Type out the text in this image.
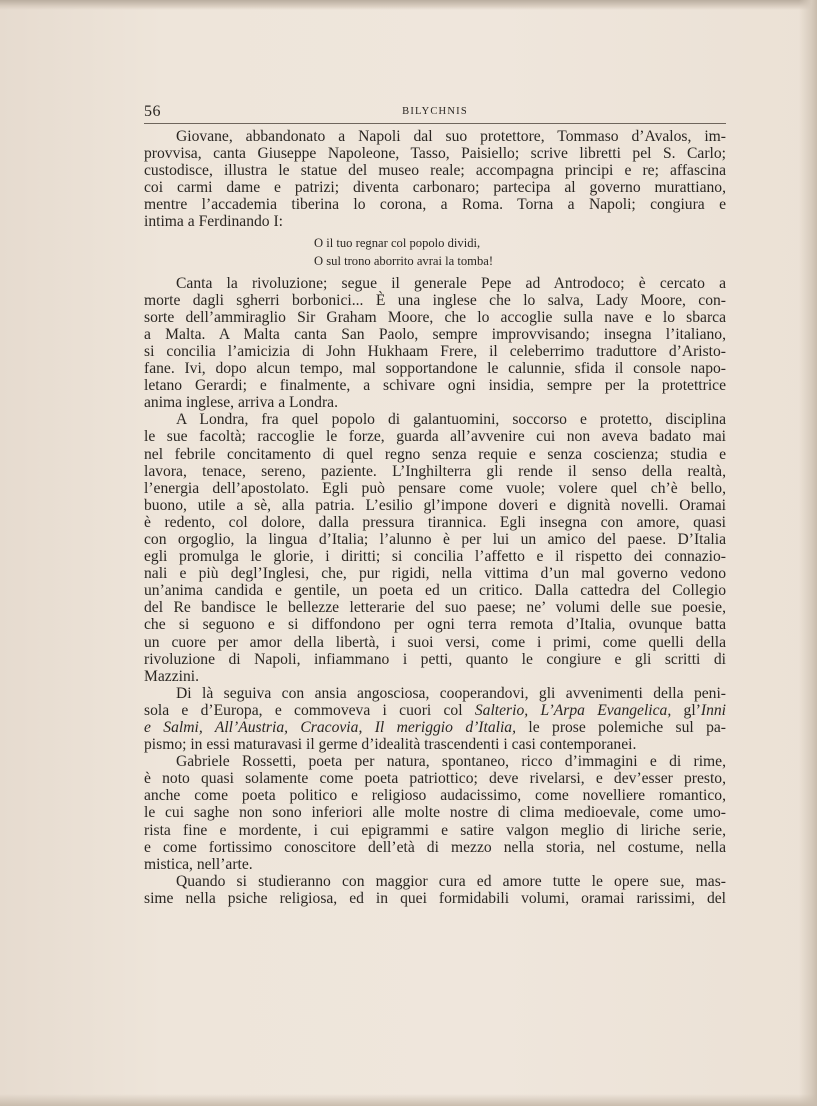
56	BILYCHNIS
Giovane, abbandonato a Napoli dal suo protettore, Tommaso d’Avalos, im-
provvisa, canta Giuseppe Napoleone, Tasso, Paisiello; scrive libretti pel S. Carlo;
custodisce, illustra le statue del museo reale; accompagna principi e re; affascina
coi carmi dame e patrizi; diventa carbonaro; partecipa al governo murattiano,
mentre l’accademia tiberina lo corona, a Roma. Torna a Napoli; congiura e
intima a Ferdinando I:
O il tuo regnar col popolo dividi,
O sul trono aborrito avrai la tomba!
Canta la rivoluzione; segue il generale Pepe ad Antrodoco; è cercato a
morte dagli sgherri borbonici... È una inglese che lo salva, Lady Moore, con-
sorte dell’ammiraglio Sir Graham Moore, che lo accoglie sulla nave e lo sbarca
a Malta. A Malta canta San Paolo, sempre improvvisando; insegna l’italiano,
si concilia l’amicizia di John Hukhaam Frere, il celeberrimo traduttore d’Aristo-
fane. Ivi, dopo alcun tempo, mal sopportandone le calunnie, sfida il console napo-
letano Gerardi; e finalmente, a schivare ogni insidia, sempre per la protettrice
anima inglese, arriva a Londra.
A Londra, fra quel popolo di galantuomini, soccorso e protetto, disciplina
le sue facoltà; raccoglie le forze, guarda all’avvenire cui non aveva badato mai
nel febrile concitamento di quel regno senza requie e senza coscienza; studia e
lavora, tenace, sereno, paziente. L’Inghilterra gli rende il senso della realtà,
l’energia dell’apostolato. Egli può pensare come vuole; volere quel ch’è bello,
buono, utile a sè, alla patria. L’esilio gl’impone doveri e dignità novelli. Oramai
è redento, col dolore, dalla pressura tirannica. Egli insegna con amore, quasi
con orgoglio, la lingua d’Italia; l’alunno è per lui un amico del paese. D’Italia
egli promulga le glorie, i diritti; si concilia l’affetto e il rispetto dei connazio-
nali e più degl’Inglesi, che, pur rigidi, nella vittima d’un mal governo vedono
un’anima candida e gentile, un poeta ed un critico. Dalla cattedra del Collegio
del Re bandisce le bellezze letterarie del suo paese; ne’ volumi delle sue poesie,
che si seguono e si diffondono per ogni terra remota d’Italia, ovunque batta
un cuore per amor della libertà, i suoi versi, come i primi, come quelli della
rivoluzione di Napoli, infiammano i petti, quanto le congiure e gli scritti di
Mazzini.
Di là seguiva con ansia angosciosa, cooperandovi, gli avvenimenti della peni-
sola e d’Europa, e commoveva i cuori col Salterio, L’Arpa Evangelica, gl’Inni
e Salmi, All’Austria, Cracovia, Il meriggio d’Italia, le prose polemiche sul pa-
pismo; in essi maturavasi il germe d’idealità trascendenti i casi contemporanei.
Gabriele Rossetti, poeta per natura, spontaneo, ricco d’immagini e di rime,
è noto quasi solamente come poeta patriottico; deve rivelarsi, e dev’esser presto,
anche come poeta politico e religioso audacissimo, come novelliere romantico,
le cui saghe non sono inferiori alle molte nostre di clima medioevale, come umo-
rista fine e mordente, i cui epigrammi e satire valgon meglio di liriche serie,
e come fortissimo conoscitore dell’età di mezzo nella storia, nel costume, nella
mistica, nell’arte.
Quando si studieranno con maggior cura ed amore tutte le opere sue, mas-
sime nella psiche religiosa, ed in quei formidabili volumi, oramai rarissimi, del
